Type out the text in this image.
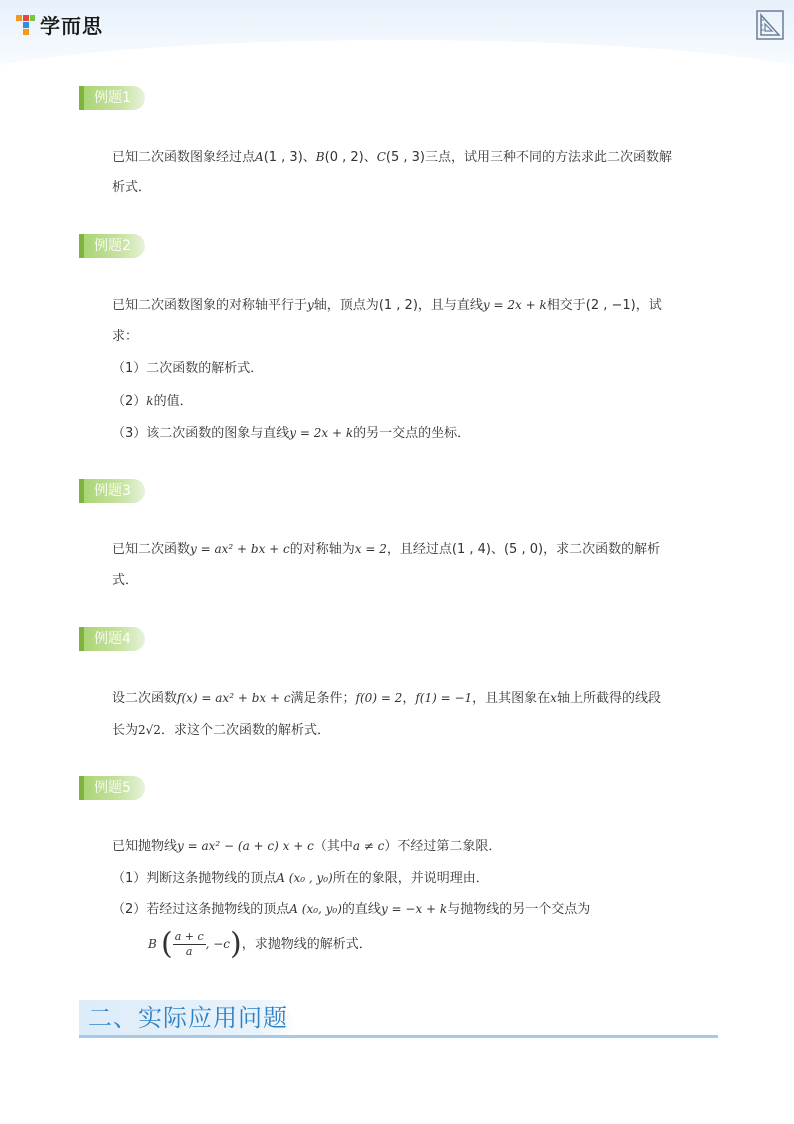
学而思
例题1
已知二次函数图象经过点A(1 , 3)、B(0 , 2)、C(5 , 3)三点，试用三种不同的方法求此二次函数解
析式．
例题2
已知二次函数图象的对称轴平行于y轴，顶点为(1 , 2)，且与直线y = 2x + k相交于(2 , −1)，试
求：
（1）二次函数的解析式．
（2）k的值．
（3）该二次函数的图象与直线y = 2x + k的另一交点的坐标．
例题3
已知二次函数y = ax² + bx + c的对称轴为x = 2，且经过点(1 , 4)、(5 , 0)，求二次函数的解析
式．
例题4
设二次函数f(x) = ax² + bx + c满足条件；f(0) = 2，f(1) = −1，且其图象在x轴上所截得的线段
长为2√2．求这个二次函数的解析式．
例题5
已知抛物线y = ax² − (a + c) x + c（其中a ≠ c）不经过第二象限．
（1）判断这条抛物线的顶点A (x₀ , y₀)所在的象限，并说明理由．
（2）若经过这条抛物线的顶点A (x₀, y₀)的直线y = −x + k与抛物线的另一个交点为
B ( $\frac{a + c}{a}$ , −c)，求抛物线的解析式．
二、实际应用问题
